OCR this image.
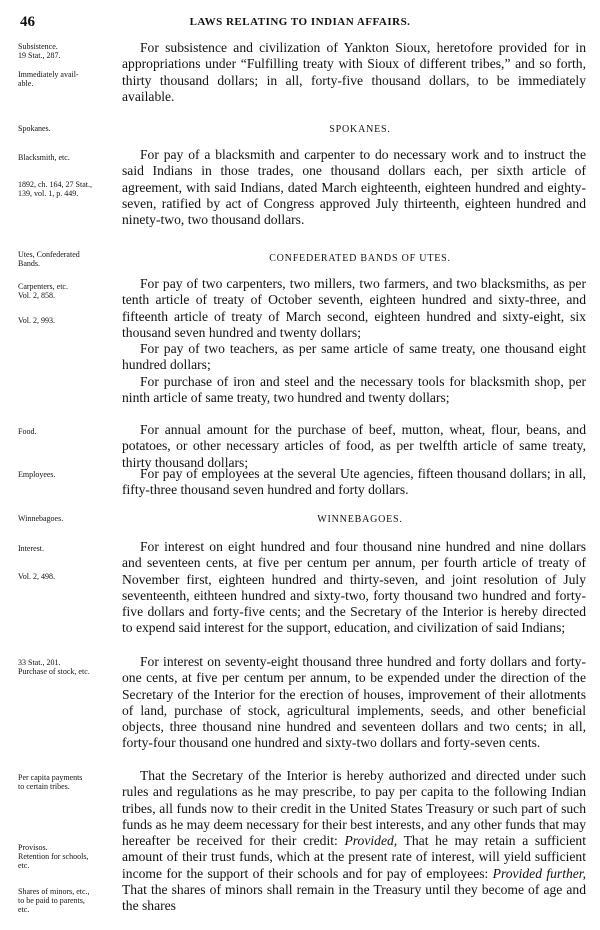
46	LAWS RELATING TO INDIAN AFFAIRS.
Subsistence.
19 Stat., 287.
Immediately avail-
able.

For subsistence and civilization of Yankton Sioux, heretofore provided for in appropriations under “Fulfilling treaty with Sioux of different tribes,” and so forth, thirty thousand dollars; in all, forty-five thousand dollars, to be immediately available.

Spokanes.	SPOKANES.
Blacksmith, etc.
1892, ch. 164, 27 Stat.,
139, vol. 1, p. 449.

For pay of a blacksmith and carpenter to do necessary work and to instruct the said Indians in those trades, one thousand dollars each, per sixth article of agreement, with said Indians, dated March eighteenth, eighteen hundred and eighty-seven, ratified by act of Congress approved July thirteenth, eighteen hundred and ninety-two, two thousand dollars.

Utes, Confederated
Bands.	CONFEDERATED BANDS OF UTES.
Carpenters, etc.
Vol. 2, 858.
Vol. 2, 993.
Food.
Employees.

For pay of two carpenters, two millers, two farmers, and two blacksmiths, as per tenth article of treaty of October seventh, eighteen hundred and sixty-three, and fifteenth article of treaty of March second, eighteen hundred and sixty-eight, six thousand seven hundred and twenty dollars;

For pay of two teachers, as per same article of same treaty, one thousand eight hundred dollars;

For purchase of iron and steel and the necessary tools for blacksmith shop, per ninth article of same treaty, two hundred and twenty dollars;

For annual amount for the purchase of beef, mutton, wheat, flour, beans, and potatoes, or other necessary articles of food, as per twelfth article of same treaty, thirty thousand dollars;

For pay of employees at the several Ute agencies, fifteen thousand dollars; in all, fifty-three thousand seven hundred and forty dollars.

Winnebagoes.	WINNEBAGOES.
Interest.
Vol. 2, 498.
33 Stat., 201.
Purchase of stock, etc.
Per capita payments
to certain tribes.
Provisos.
Retention for schools,
etc.
Shares of minors, etc.,
to be paid to parents,
etc.

For interest on eight hundred and four thousand nine hundred and nine dollars and seventeen cents, at five per centum per annum, per fourth article of treaty of November first, eighteen hundred and thirty-seven, and joint resolution of July seventeenth, eithteen hundred and sixty-two, forty thousand two hundred and forty-five dollars and forty-five cents; and the Secretary of the Interior is hereby directed to expend said interest for the support, education, and civilization of said Indians;

For interest on seventy-eight thousand three hundred and forty dollars and forty-one cents, at five per centum per annum, to be expended under the direction of the Secretary of the Interior for the erection of houses, improvement of their allotments of land, purchase of stock, agricultural implements, seeds, and other beneficial objects, three thousand nine hundred and seventeen dollars and two cents; in all, forty-four thousand one hundred and sixty-two dollars and forty-seven cents.

That the Secretary of the Interior is hereby authorized and directed under such rules and regulations as he may prescribe, to pay per capita to the following Indian tribes, all funds now to their credit in the United States Treasury or such part of such funds as he may deem necessary for their best interests, and any other funds that may hereafter be received for their credit: Provided, That he may retain a sufficient amount of their trust funds, which at the present rate of interest, will yield sufficient income for the support of their schools and for pay of employees: Provided further, That the shares of minors shall remain in the Treasury until they become of age and the shares
